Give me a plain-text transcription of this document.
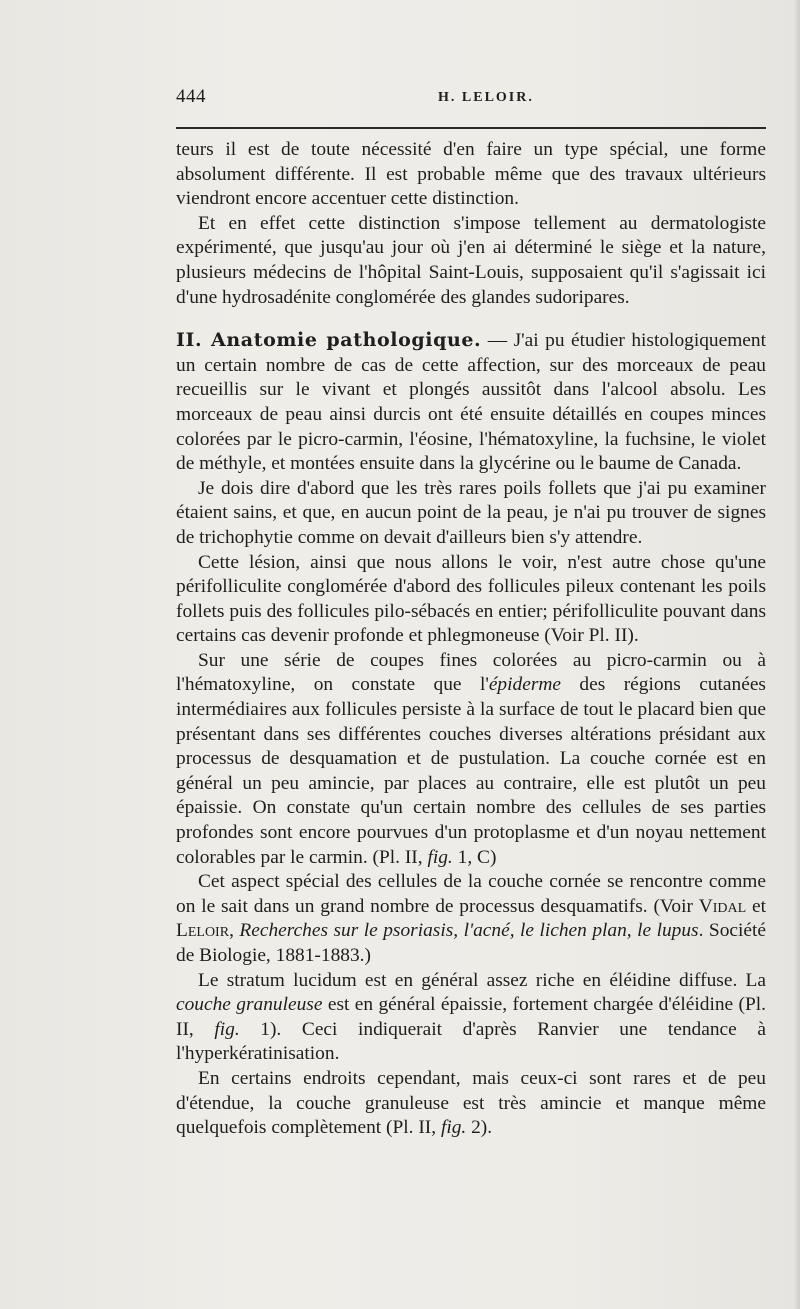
444	H. LELOIR.

teurs il est de toute nécessité d'en faire un type spécial, une forme absolument différente. Il est probable même que des travaux ultérieurs viendront encore accentuer cette distinction.

Et en effet cette distinction s'impose tellement au dermatologiste expérimenté, que jusqu'au jour où j'en ai déterminé le siège et la nature, plusieurs médecins de l'hôpital Saint-Louis, supposaient qu'il s'agissait ici d'une hydrosadénite conglomérée des glandes sudoripares.

II. Anatomie pathologique. — J'ai pu étudier histologiquement un certain nombre de cas de cette affection, sur des morceaux de peau recueillis sur le vivant et plongés aussitôt dans l'alcool absolu. Les morceaux de peau ainsi durcis ont été ensuite détaillés en coupes minces colorées par le picro-carmin, l'éosine, l'hématoxyline, la fuchsine, le violet de méthyle, et montées ensuite dans la glycérine ou le baume de Canada.

Je dois dire d'abord que les très rares poils follets que j'ai pu examiner étaient sains, et que, en aucun point de la peau, je n'ai pu trouver de signes de trichophytie comme on devait d'ailleurs bien s'y attendre.

Cette lésion, ainsi que nous allons le voir, n'est autre chose qu'une périfolliculite conglomérée d'abord des follicules pileux contenant les poils follets puis des follicules pilo-sébacés en entier; périfolliculite pouvant dans certains cas devenir profonde et phlegmoneuse (Voir Pl. II).

Sur une série de coupes fines colorées au picro-carmin ou à l'hématoxyline, on constate que l'épiderme des régions cutanées intermédiaires aux follicules persiste à la surface de tout le placard bien que présentant dans ses différentes couches diverses altérations présidant aux processus de desquamation et de pustulation. La couche cornée est en général un peu amincie, par places au contraire, elle est plutôt un peu épaissie. On constate qu'un certain nombre des cellules de ses parties profondes sont encore pourvues d'un protoplasme et d'un noyau nettement colorables par le carmin. (Pl. II, fig. 1, C)

Cet aspect spécial des cellules de la couche cornée se rencontre comme on le sait dans un grand nombre de processus desquamatifs. (Voir Vidal et Leloir, Recherches sur le psoriasis, l'acné, le lichen plan, le lupus. Société de Biologie, 1881-1883.)

Le stratum lucidum est en général assez riche en éléidine diffuse. La couche granuleuse est en général épaissie, fortement chargée d'éléidine (Pl. II, fig. 1). Ceci indiquerait d'après Ranvier une tendance à l'hyperkératinisation.

En certains endroits cependant, mais ceux-ci sont rares et de peu d'étendue, la couche granuleuse est très amincie et manque même quelquefois complètement (Pl. II, fig. 2).
